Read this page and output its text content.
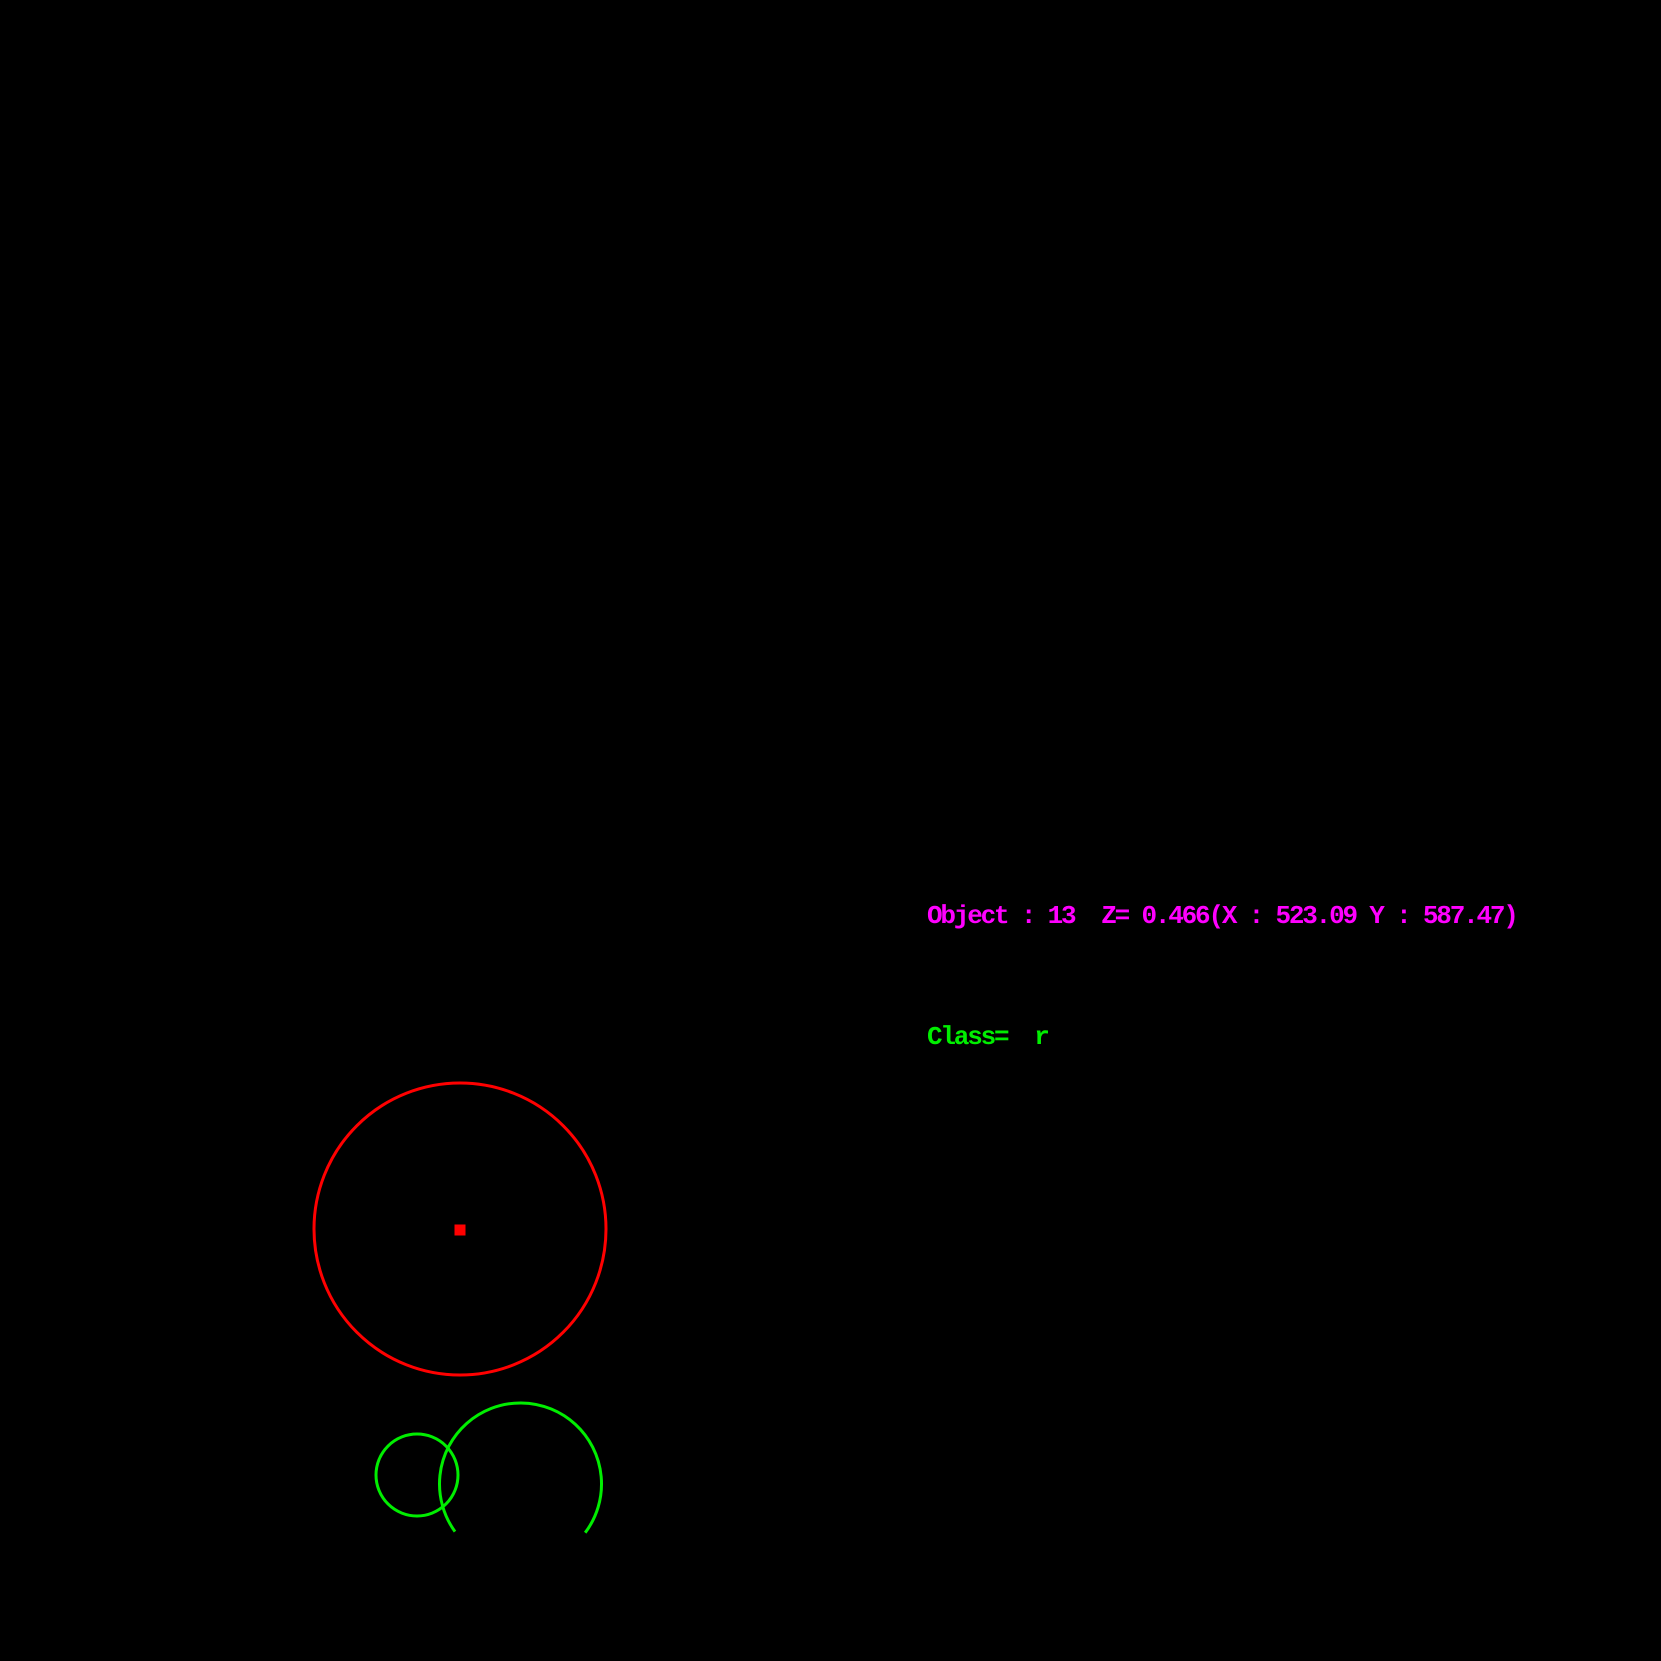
Object : 13  Z= 0.466(X : 523.09 Y : 587.47)
Class=  r
